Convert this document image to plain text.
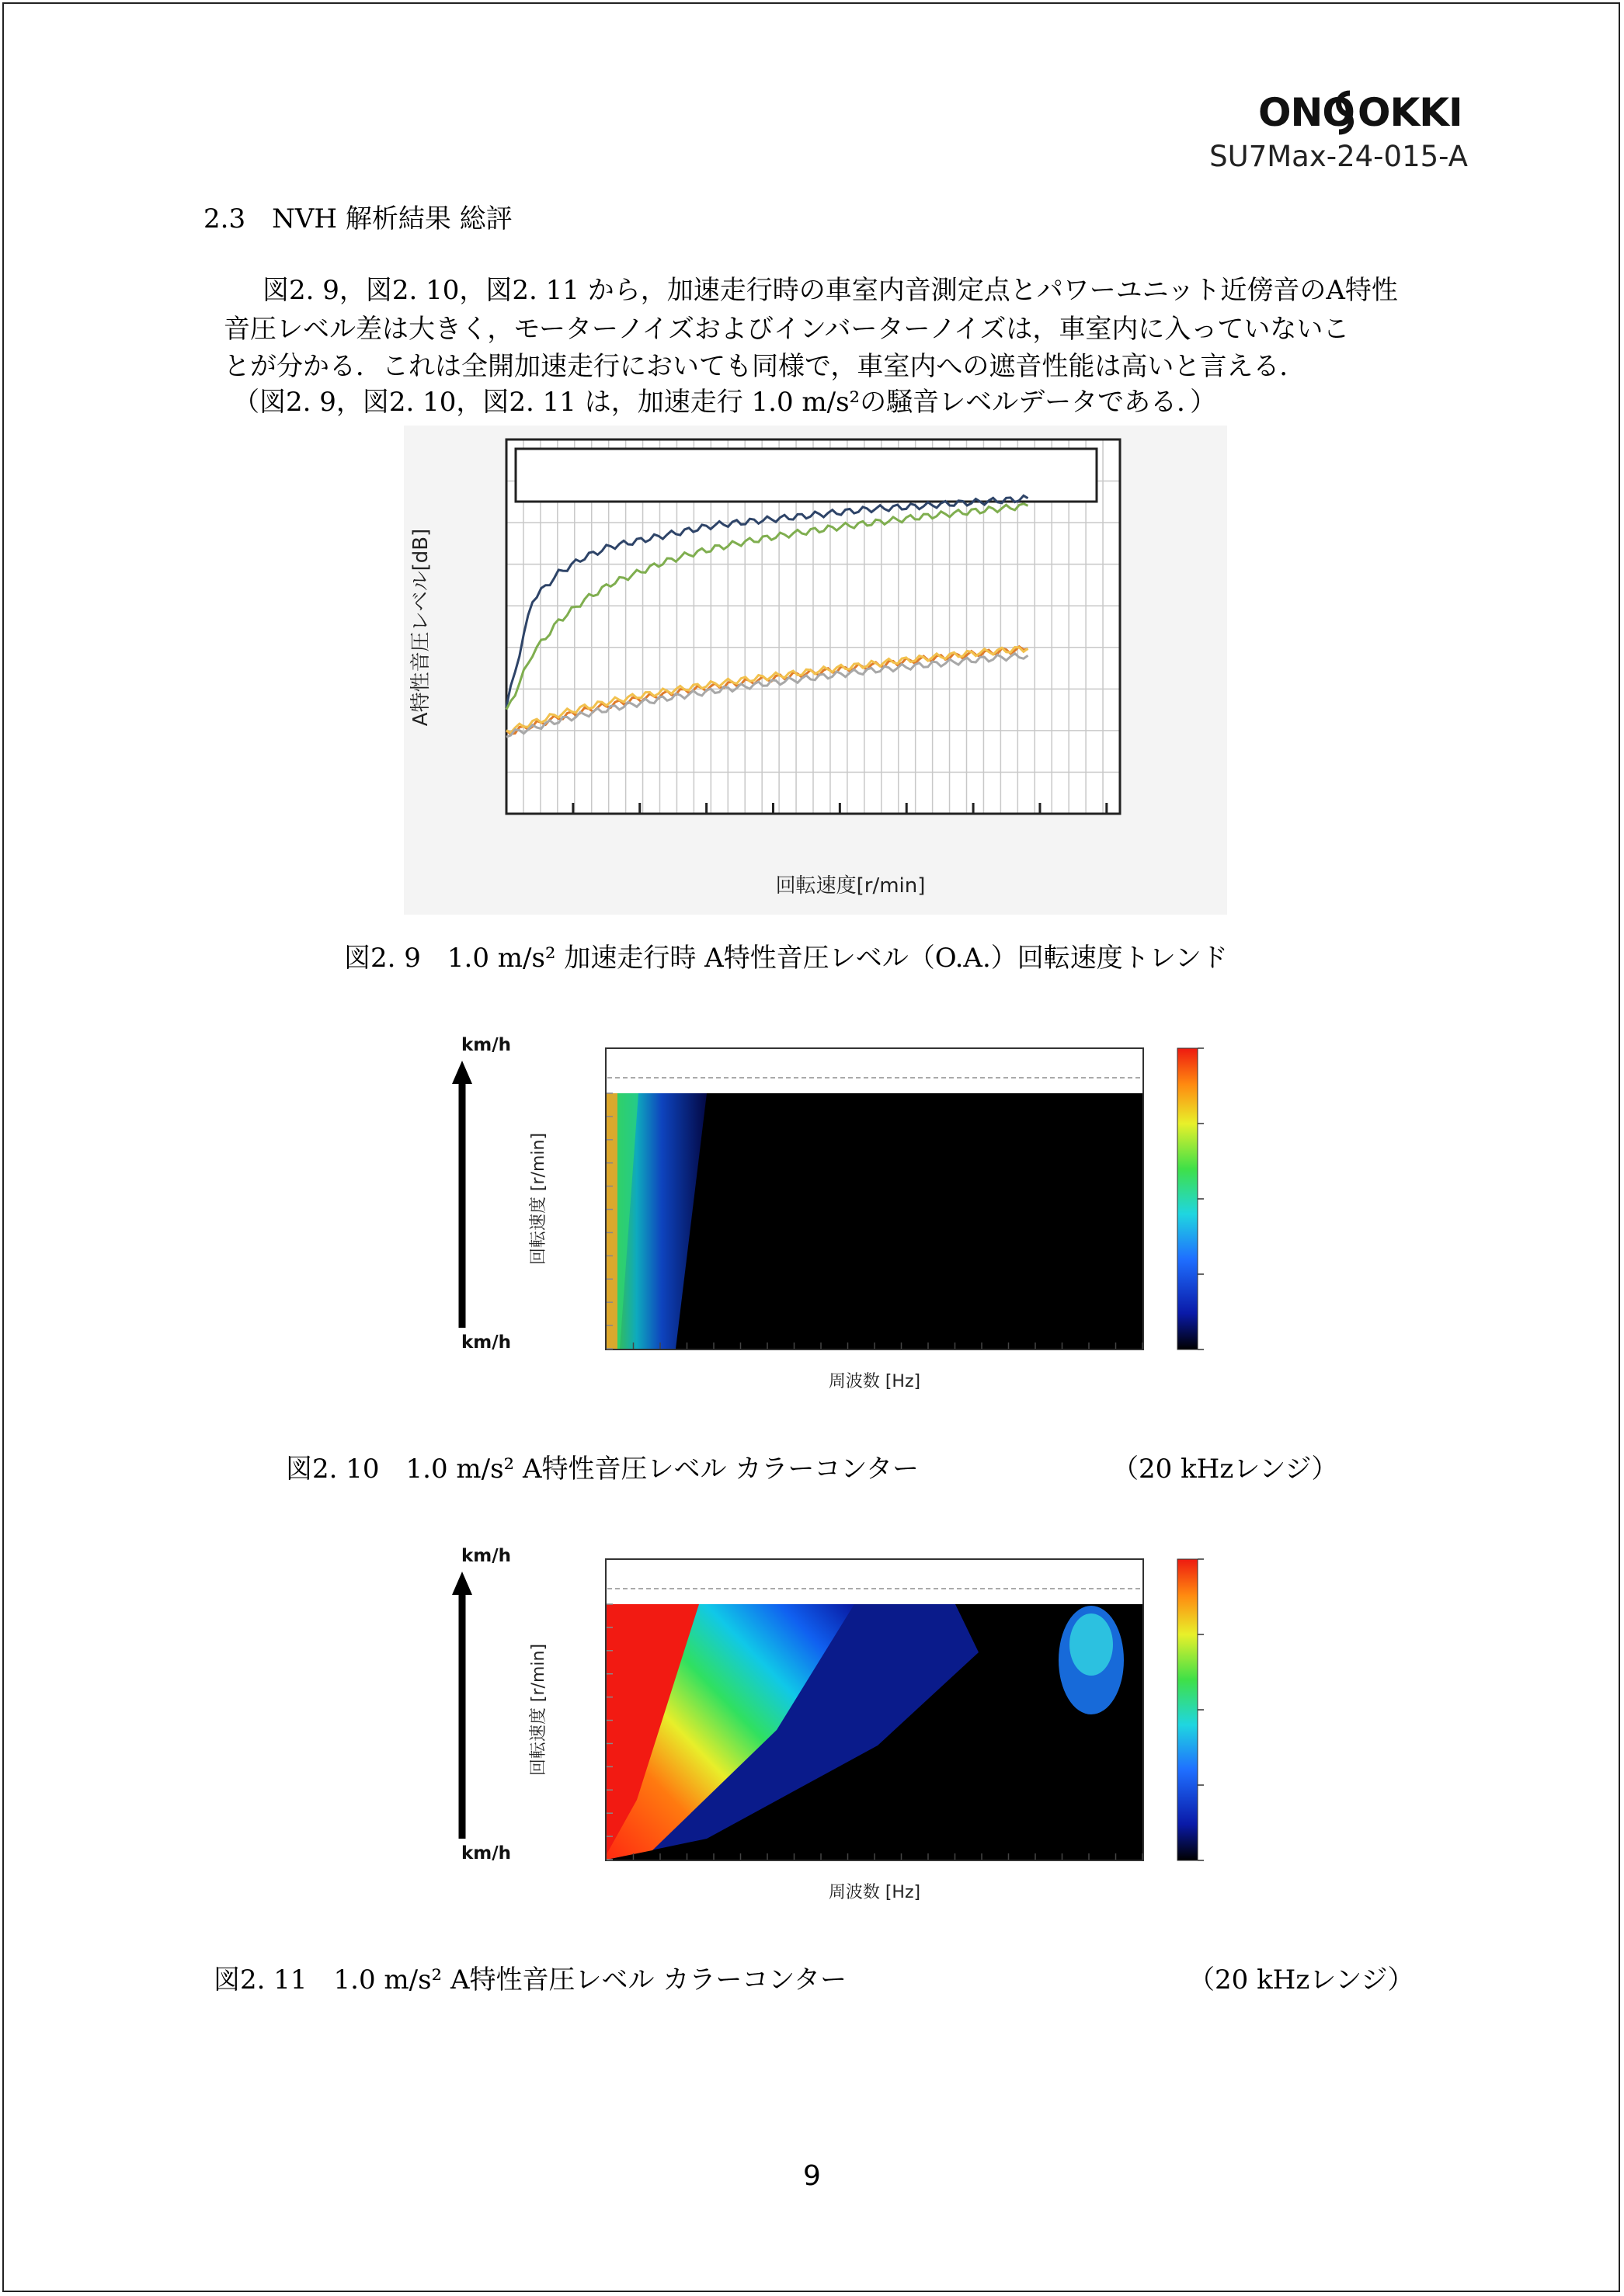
ONO OKKI
SU7Max-24-015-A
2.3　NVH 解析結果 総評
図2. 9，図2. 10，図2. 11 から，加速走行時の車室内音測定点とパワーユニット近傍音のA特性
音圧レベル差は大きく，モーターノイズおよびインバーターノイズは，車室内に入っていないこ
とが分かる．これは全開加速走行においても同様で，車室内への遮音性能は高いと言える．
（図2. 9，図2. 10，図2. 11 は，加速走行 1.0 m/s²の騒音レベルデータである．）
A特性音圧レベル[dB]
回転速度[r/min]
図2. 9　1.0 m/s² 加速走行時 A特性音圧レベル（O.A.）回転速度トレンド
km/h
km/h
回転速度 [r/min]
周波数 [Hz]
図2. 10　1.0 m/s² A特性音圧レベル カラーコンター	（20 kHzレンジ）
km/h
km/h
回転速度 [r/min]
周波数 [Hz]
図2. 11　1.0 m/s² A特性音圧レベル カラーコンター	（20 kHzレンジ）
9
